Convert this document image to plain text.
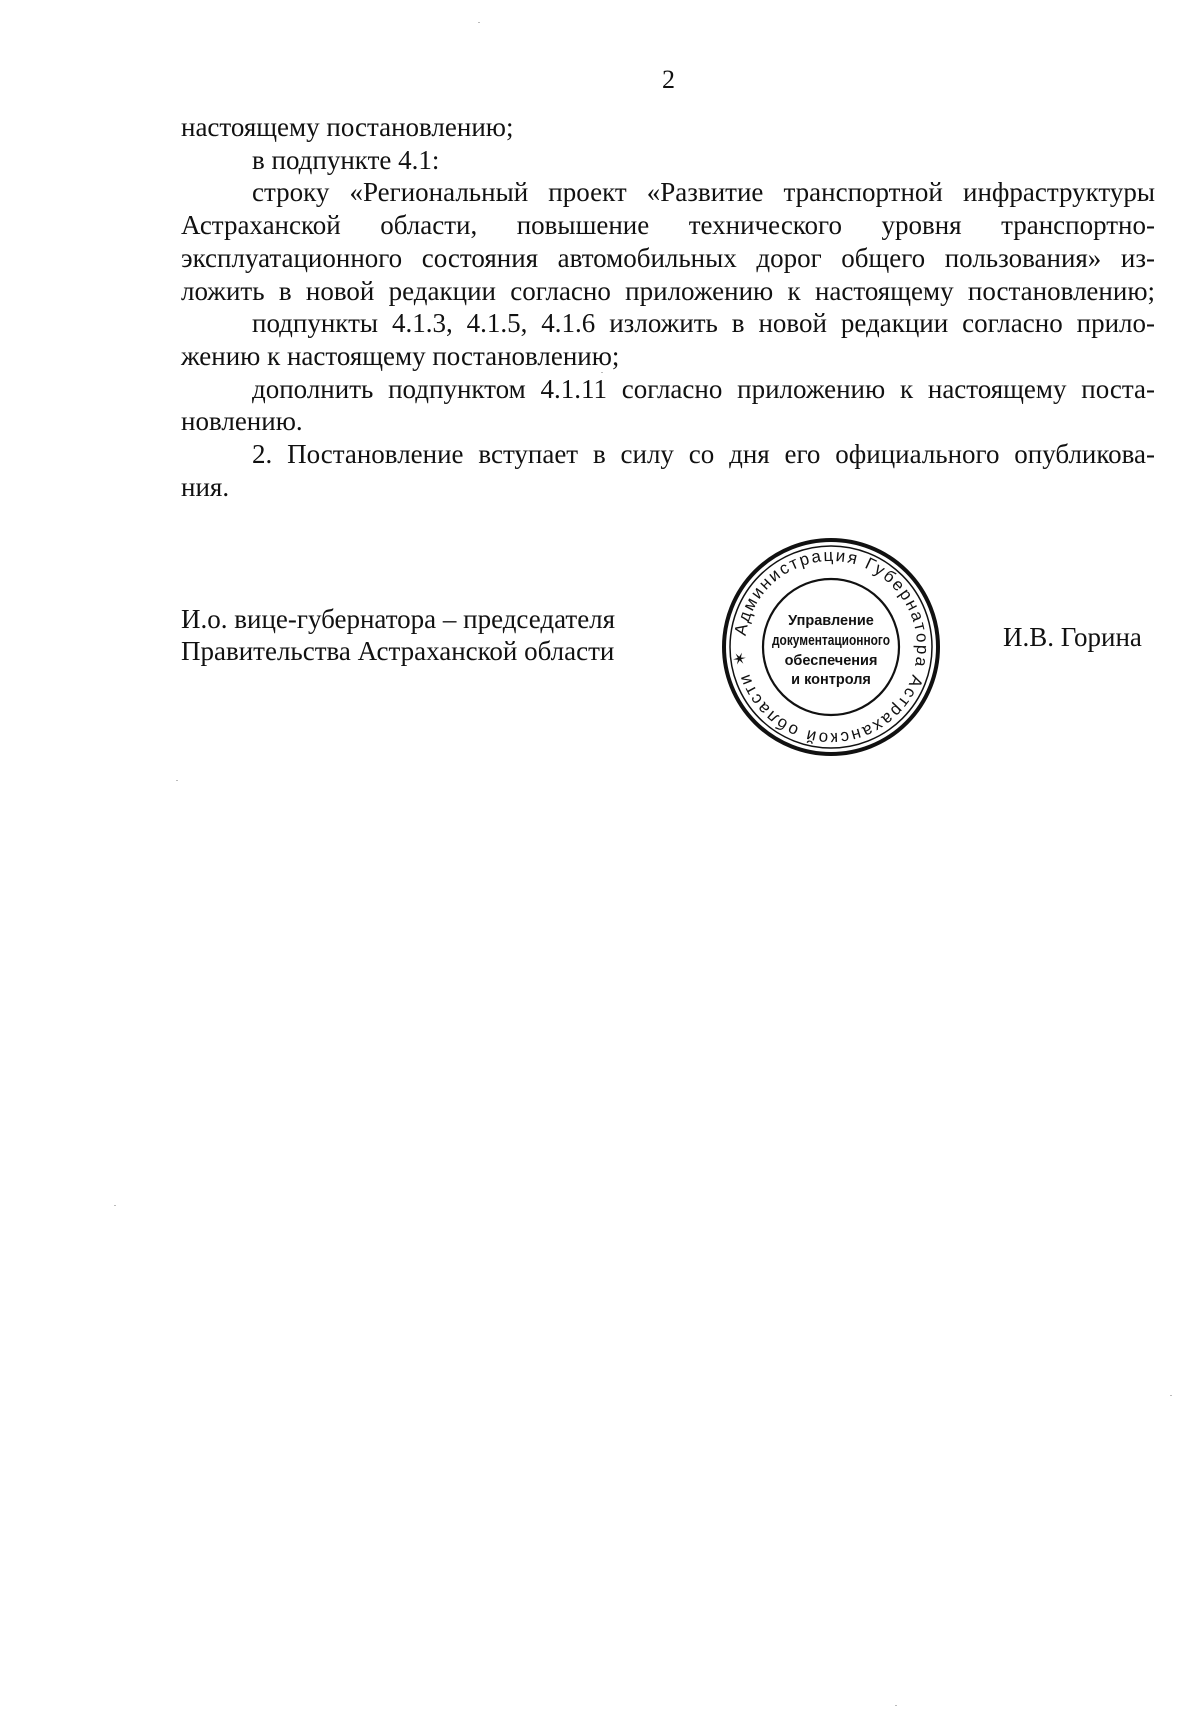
2
настоящему постановлению;
в подпункте 4.1:
строку «Региональный проект «Развитие транспортной инфраструктуры
Астраханской области, повышение технического уровня транспортно-
эксплуатационного состояния автомобильных дорог общего пользования» из-
ложить в новой редакции согласно приложению к настоящему постановлению;
подпункты 4.1.3, 4.1.5, 4.1.6 изложить в новой редакции согласно прило-
жению к настоящему постановлению;
дополнить подпунктом 4.1.11 согласно приложению к настоящему поста-
новлению.
2. Постановление вступает в силу со дня его официального опубликова-
ния.
И.о. вице-губернатора – председателя
Правительства Астраханской области
Администрация Губернатора Астраханской области ✶
Управление
документационного
обеспечения
и контроля
И.В. Горина
